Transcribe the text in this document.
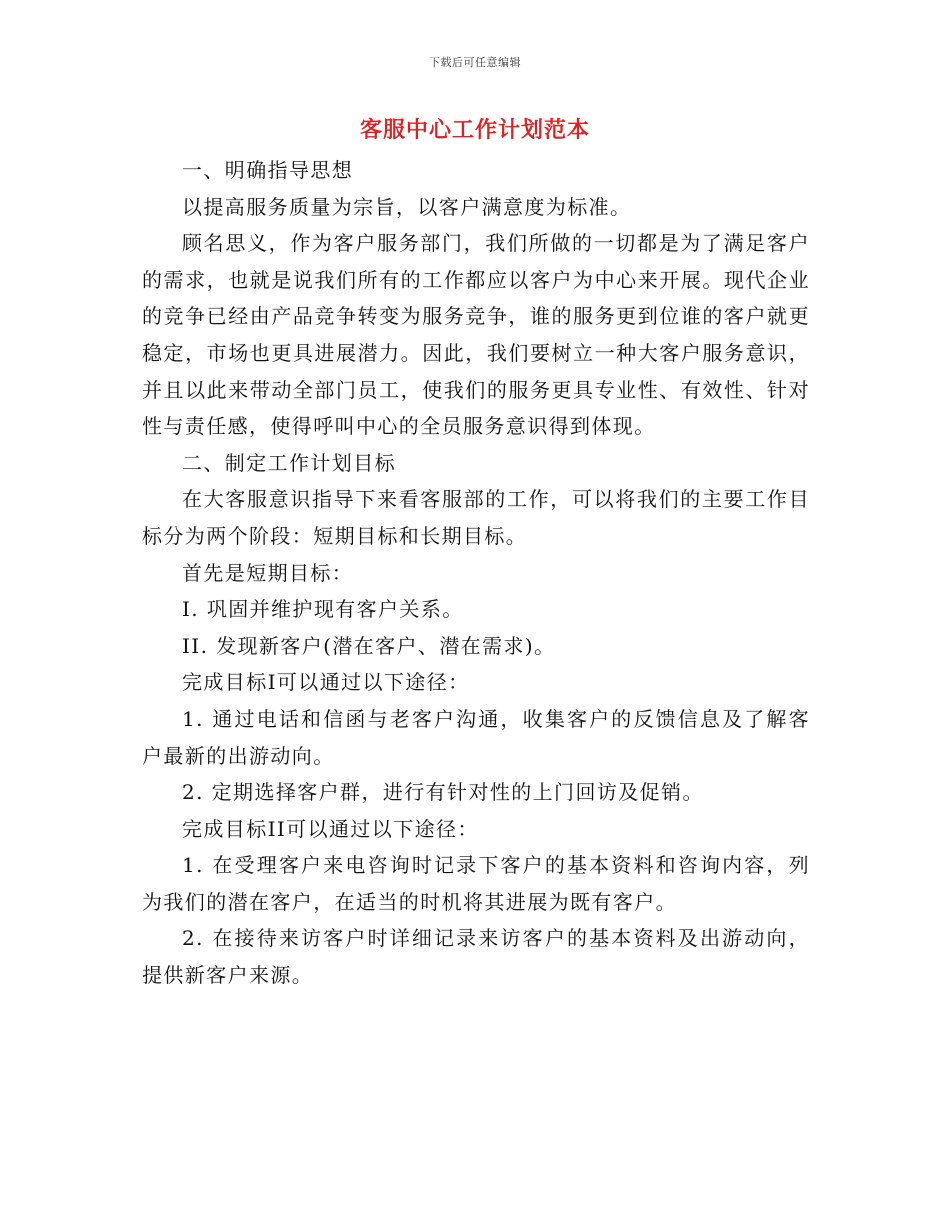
下载后可任意编辑
客服中心工作计划范本

一、明确指导思想

以提高服务质量为宗旨，以客户满意度为标准。

顾名思义，作为客户服务部门，我们所做的一切都是为了满足客户的需求，也就是说我们所有的工作都应以客户为中心来开展。现代企业的竞争已经由产品竞争转变为服务竞争，谁的服务更到位谁的客户就更稳定，市场也更具进展潜力。因此，我们要树立一种大客户服务意识，并且以此来带动全部门员工，使我们的服务更具专业性、有效性、针对性与责任感，使得呼叫中心的全员服务意识得到体现。

二、制定工作计划目标

在大客服意识指导下来看客服部的工作，可以将我们的主要工作目标分为两个阶段：短期目标和长期目标。

首先是短期目标：

I. 巩固并维护现有客户关系。

II. 发现新客户(潜在客户、潜在需求)。

完成目标I可以通过以下途径：

1. 通过电话和信函与老客户沟通，收集客户的反馈信息及了解客户最新的出游动向。

2. 定期选择客户群，进行有针对性的上门回访及促销。

完成目标II可以通过以下途径：

1. 在受理客户来电咨询时记录下客户的基本资料和咨询内容，列为我们的潜在客户，在适当的时机将其进展为既有客户。

2. 在接待来访客户时详细记录来访客户的基本资料及出游动向，提供新客户来源。
